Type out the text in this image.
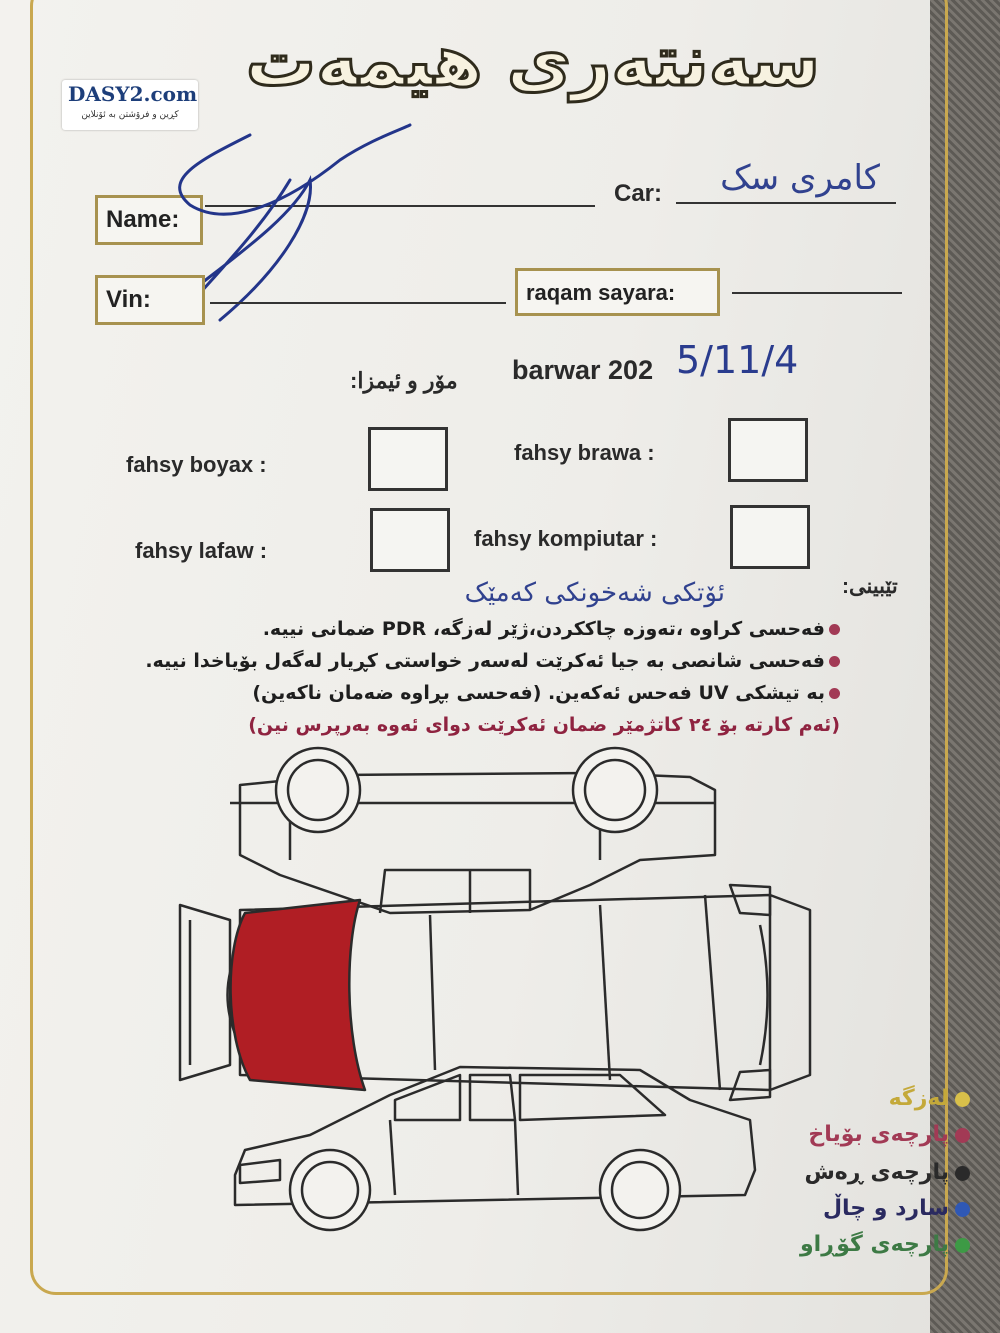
سەنتەری هیمەت
DASY2.com
کڕین و فرۆشتن بە ئۆنلاین
Name:
Car:	کامری سک
Vin:	raqam sayara:
barwar 202 5/11/4
مۆر و ئیمزا:
fahsy boyax :	fahsy brawa :
fahsy lafaw :	fahsy kompiutar :
تێبینی:
ئۆتکی شەخونکی کەمێک
فەحسی کراوە ،تەوزە چاککردن،ژێر لەزگە، PDR ضمانی نییە.
فەحسی شانصی بە جیا ئەکرێت لەسەر خواستی کڕیار لەگەل بۆیاخدا نییە.
بە تیشکی UV فەحس ئەکەین. (فەحسی بڕاوە ضەمان ناکەین)
(ئەم کارتە بۆ ٢٤ کاتژمێر ضمان ئەکرێت دوای ئەوە بەرپرس نین)
لەزگە
پارچەی بۆیاخ
پارچەی ڕەش
سارد و چاڵ
پارچەی گۆڕاو
